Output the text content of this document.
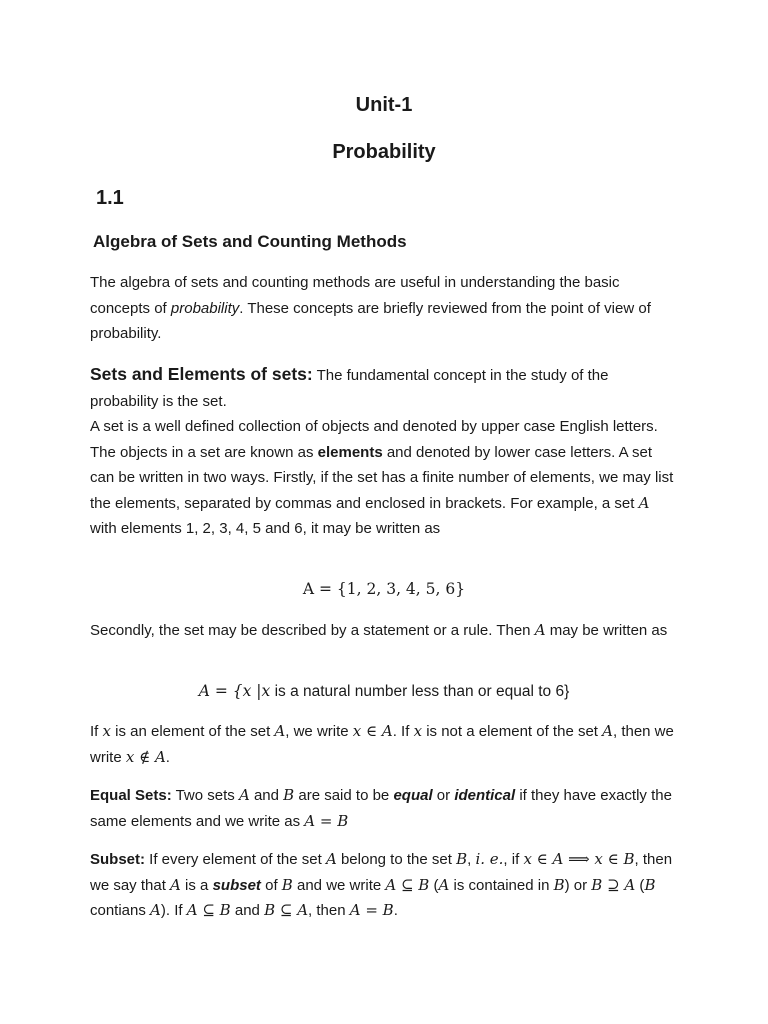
Unit-1
Probability
1.1
Algebra of Sets and Counting Methods
The algebra of sets and counting methods are useful in understanding the basic concepts of probability. These concepts are briefly reviewed from the point of view of probability.
Sets and Elements of sets: The fundamental concept in the study of the probability is the set.
A set is a well defined collection of objects and denoted by upper case English letters. The objects in a set are known as elements and denoted by lower case letters. A set can be written in two ways. Firstly, if the set has a finite number of elements, we may list the elements, separated by commas and enclosed in brackets. For example, a set A with elements 1, 2, 3, 4, 5 and 6, it may be written as
A = {1, 2, 3, 4, 5, 6}
Secondly, the set may be described by a statement or a rule. Then A may be written as
A = {x |x is a natural number less than or equal to 6}
If x is an element of the set A, we write x ∈ A. If x is not a element of the set A, then we write x ∉ A.
Equal Sets: Two sets A and B are said to be equal or identical if they have exactly the same elements and we write as A = B
Subset: If every element of the set A belong to the set B, i. e., if x ∈ A ⟹ x ∈ B, then we say that A is a subset of B and we write A ⊆ B (A is contained in B) or B ⊇ A (B contians A). If A ⊆ B and B ⊆ A, then A = B.
